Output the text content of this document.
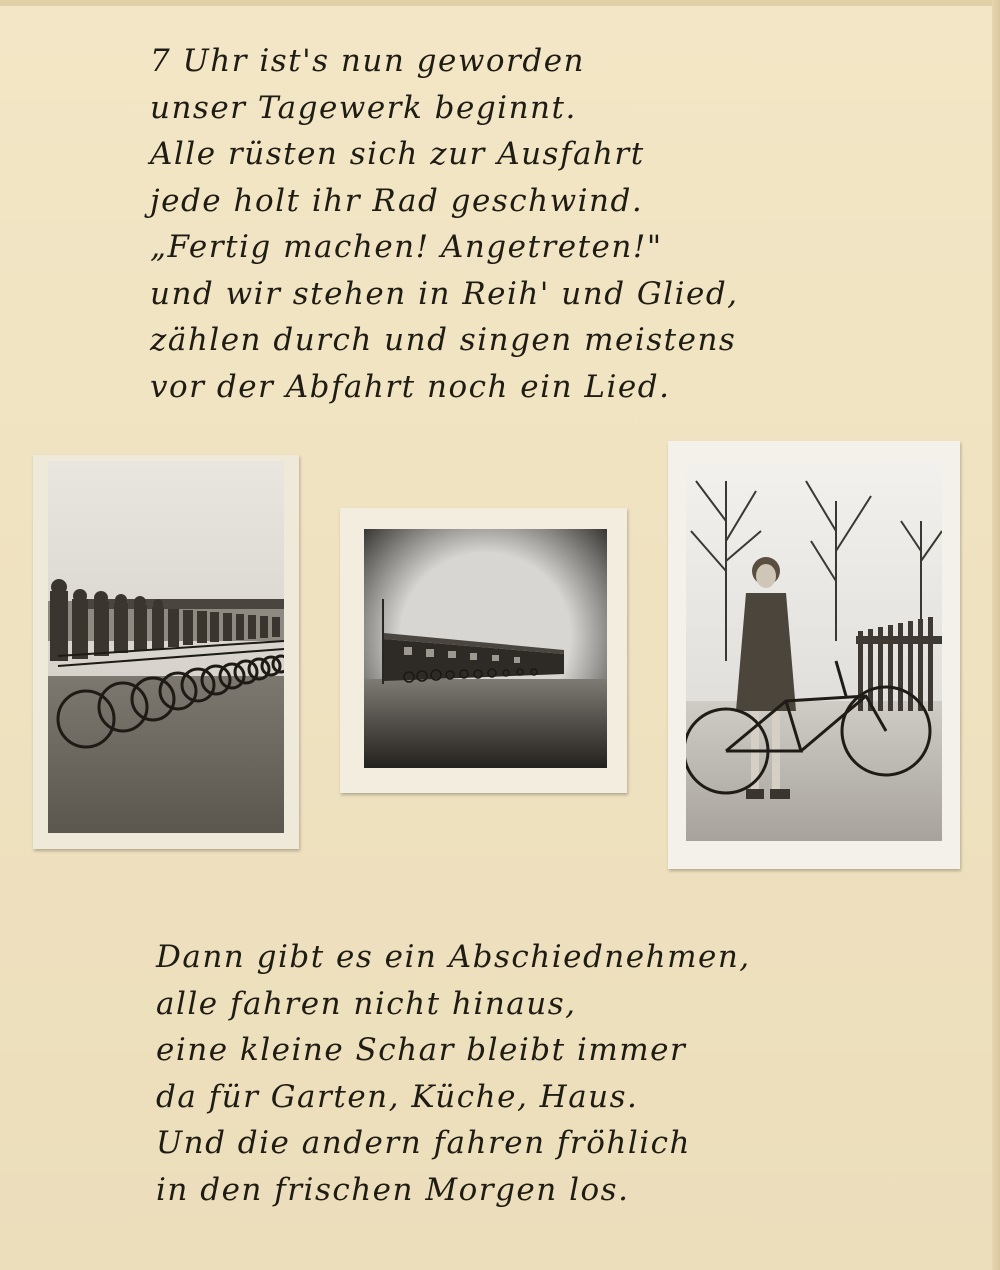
7 Uhr ist's nun geworden
unser Tagewerk beginnt.
Alle rüsten sich zur Ausfahrt
jede holt ihr Rad geschwind.
„Fertig machen! Angetreten!"
und wir stehen in Reih' und Glied,
zählen durch und singen meistens
vor der Abfahrt noch ein Lied.
Dann gibt es ein Abschiednehmen,
alle fahren nicht hinaus,
eine kleine Schar bleibt immer
da für Garten, Küche, Haus.
Und die andern fahren fröhlich
in den frischen Morgen los.
